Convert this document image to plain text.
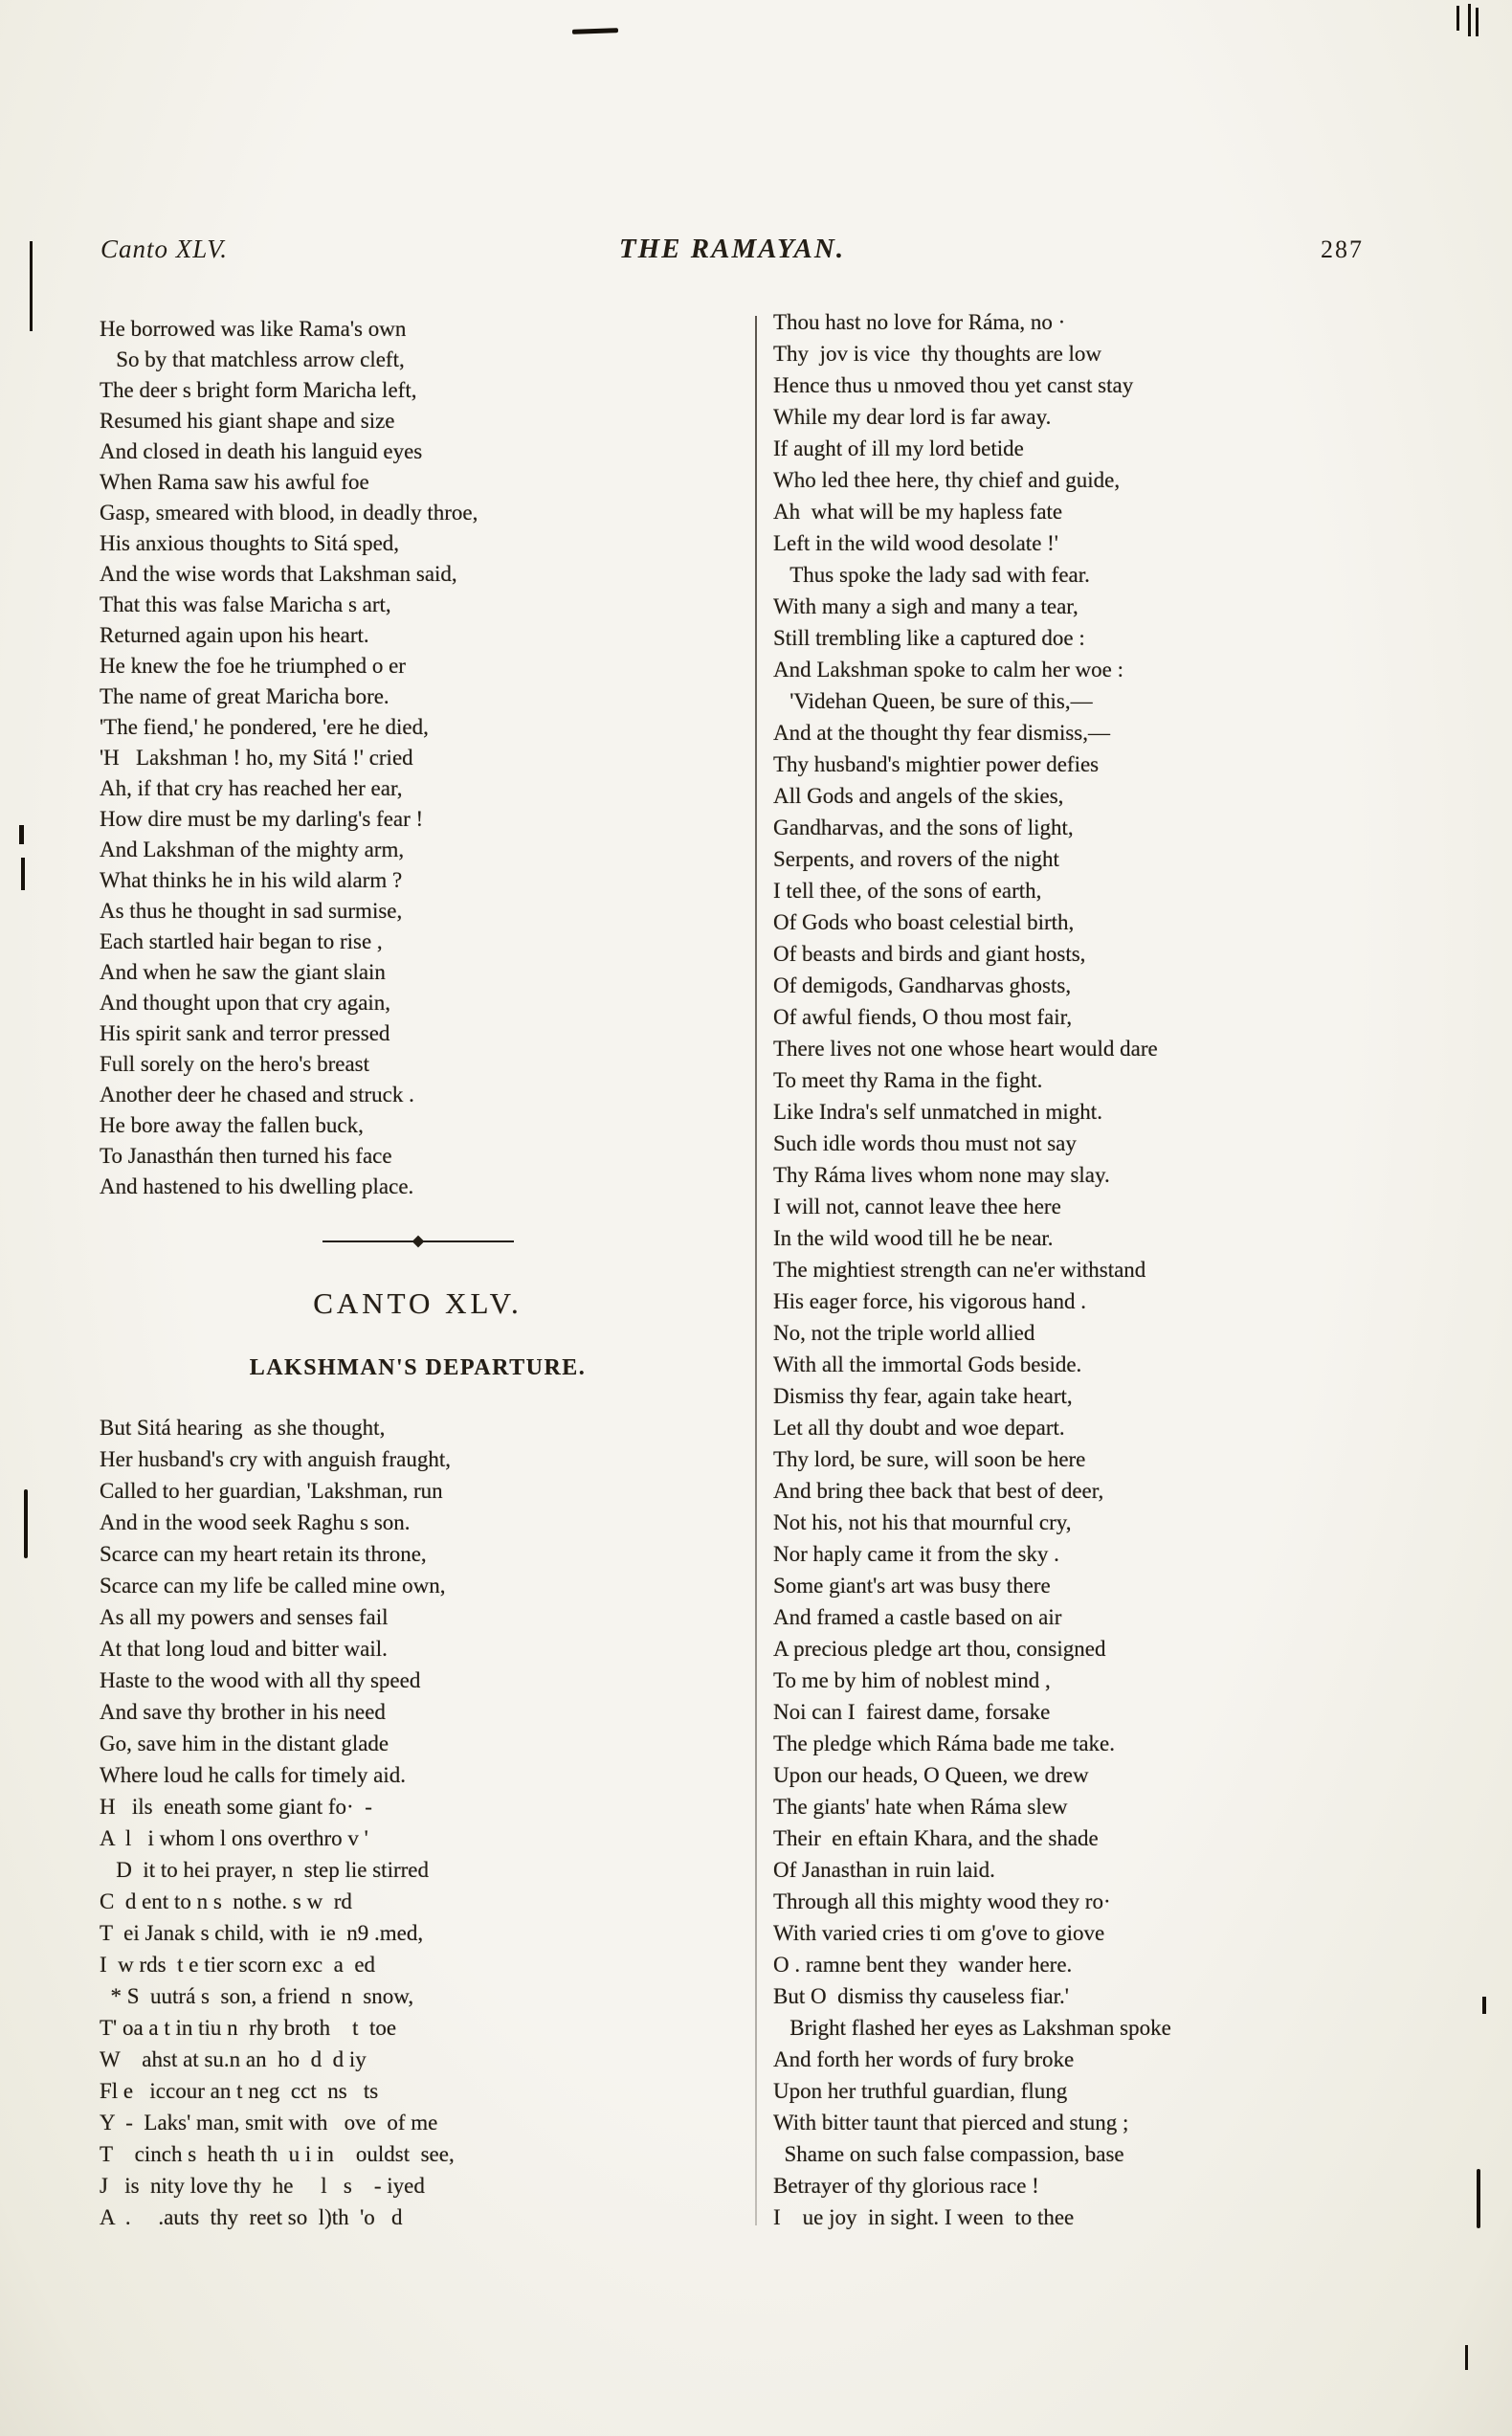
Canto XLV.	THE RAMAYAN.	287
He borrowed was like Rama's own
So by that matchless arrow cleft,
The deer s bright form Maricha left,
Resumed his giant shape and size
And closed in death his languid eyes
When Rama saw his awful foe
Gasp, smeared with blood, in deadly throe,
His anxious thoughts to Sitá sped,
And the wise words that Lakshman said,
That this was false Maricha s art,
Returned again upon his heart.
He knew the foe he triumphed o er
The name of great Maricha bore.
'The fiend,' he pondered, 'ere he died,
'H   Lakshman ! ho, my Sitá !' cried
Ah, if that cry has reached her ear,
How dire must be my darling's fear !
And Lakshman of the mighty arm,
What thinks he in his wild alarm ?
As thus he thought in sad surmise,
Each startled hair began to rise ,
And when he saw the giant slain
And thought upon that cry again,
His spirit sank and terror pressed
Full sorely on the hero's breast
Another deer he chased and struck .
He bore away the fallen buck,
To Janasthán then turned his face
And hastened to his dwelling place.
CANTO XLV.
LAKSHMAN'S DEPARTURE.
But Sitá hearing  as she thought,
Her husband's cry with anguish fraught,
Called to her guardian, 'Lakshman, run
And in the wood seek Raghu s son.
Scarce can my heart retain its throne,
Scarce can my life be called mine own,
As all my powers and senses fail
At that long loud and bitter wail.
Haste to the wood with all thy speed
And save thy brother in his need
Go, save him in the distant glade
Where loud he calls for timely aid.
H   ils  eneath some giant fo·  -
A  l   i whom l ons overthro v '
D  it to hei prayer, n  step lie stirred
C  d ent to n s  nothe. s w  rd
T  ei Janak s child, with  ie  n9 .med,
I  w rds  t e tier scorn exc  a  ed
* S  uutrá s  son, a friend  n  snow,
T' oa a t in tiu n  rhy broth    t  toe
W    ahst at su.n an  ho  d  d iy
Fl e   iccour an t neg  cct  ns   ts
Y  -  Laks' man, smit with   ove  of me
T    cinch s  heath th  u i in    ouldst  see,
J   is  nity love thy  he     l   s    - iyed
A  .     .auts  thy  reet so  l)th  'o   d
Thou hast no love for Ráma, no ·
Thy  jov is vice  thy thoughts are low
Hence thus u nmoved thou yet canst stay
While my dear lord is far away.
If aught of ill my lord betide
Who led thee here, thy chief and guide,
Ah  what will be my hapless fate
Left in the wild wood desolate !'
Thus spoke the lady sad with fear.
With many a sigh and many a tear,
Still trembling like a captured doe :
And Lakshman spoke to calm her woe :
'Videhan Queen, be sure of this,—
And at the thought thy fear dismiss,—
Thy husband's mightier power defies
All Gods and angels of the skies,
Gandharvas, and the sons of light,
Serpents, and rovers of the night
I tell thee, of the sons of earth,
Of Gods who boast celestial birth,
Of beasts and birds and giant hosts,
Of demigods, Gandharvas ghosts,
Of awful fiends, O thou most fair,
There lives not one whose heart would dare
To meet thy Rama in the fight.
Like Indra's self unmatched in might.
Such idle words thou must not say
Thy Ráma lives whom none may slay.
I will not, cannot leave thee here
In the wild wood till he be near.
The mightiest strength can ne'er withstand
His eager force, his vigorous hand .
No, not the triple world allied
With all the immortal Gods beside.
Dismiss thy fear, again take heart,
Let all thy doubt and woe depart.
Thy lord, be sure, will soon be here
And bring thee back that best of deer,
Not his, not his that mournful cry,
Nor haply came it from the sky .
Some giant's art was busy there
And framed a castle based on air
A precious pledge art thou, consigned
To me by him of noblest mind ,
Noi can I  fairest dame, forsake
The pledge which Ráma bade me take.
Upon our heads, O Queen, we drew
The giants' hate when Ráma slew
Their  en eftain Khara, and the shade
Of Janasthan in ruin laid.
Through all this mighty wood they ro·
With varied cries ti om g'ove to giove
O . ramne bent they  wander here.
But O  dismiss thy causeless fiar.'
Bright flashed her eyes as Lakshman spoke
And forth her words of fury broke
Upon her truthful guardian, flung
With bitter taunt that pierced and stung ;
Shame on such false compassion, base
Betrayer of thy glorious race !
I    ue joy  in sight. I ween  to thee
